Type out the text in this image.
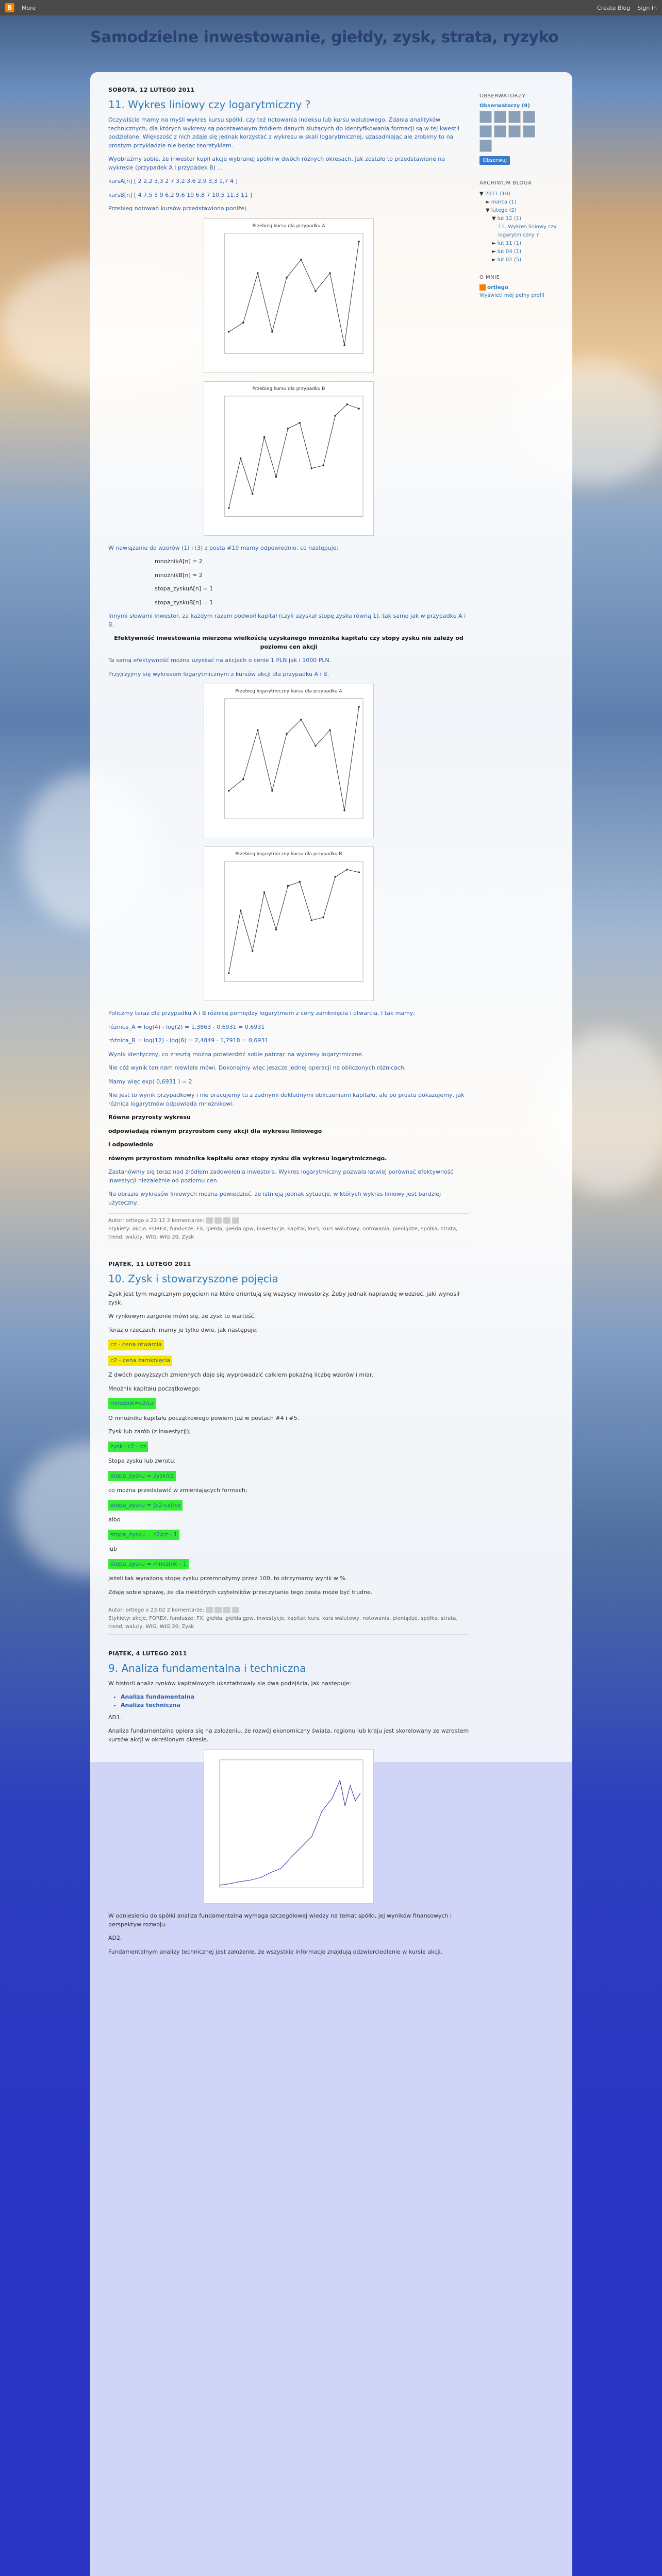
B	More	Create Blog Sign In
Samodzielne inwestowanie, giełdy, zysk, strata, ryzyko
SOBOTA, 12 LUTEGO 2011
11. Wykres liniowy czy logarytmiczny ?

Oczywiście mamy na myśli wykres kursu spółki, czy też notowania indeksu lub kursu walutowego. Zdania analityków technicznych, dla których wykresy są podstawowym źródłem danych służących do identyfikowania formacji są w tej kwestii podzielone. Większość z nich zdaje się jednak korzystać z wykresu w skali logarytmicznej, uzasadniając ale zrobimy to na prostym przykładzie nie będąc teoretykiem.

Wyobraźmy sobie, że inwestor kupił akcje wybranej spółki w dwóch różnych okresach. Jak zostało to przedstawione na wykresie (przypadek A i przypadek B) ...

kursA[n] [ 2 2,2 3,3 2 7 3,2 3,6 2,9 3,3 1,7 4 ]

kursB[n] [ 4 7,5 5 9 6,2 9,6 10 6,8 7 10,5 11,3 11 ]

Przebieg notowań kursów przedstawiono poniżej.

Przebieg kursu dla przypadku A
Przebieg kursu dla przypadku B

W nawiązaniu do wzorów (1) i (3) z posta #10 mamy odpowiednio, co następuje;

mnożnikA[n] = 2

mnożnikB[n] = 2

stopa_zyskuA[n] = 1

stopa_zyskuB[n] = 1

Innymi słowami inwestor, za każdym razem podwoił kapitał (czyli uzyskał stopę zysku równą 1), tak samo jak w przypadku A i B.

Efektywność inwestowania mierzona wielkością uzyskanego mnożnika kapitału czy stopy zysku nie zależy od poziomu cen akcji

Ta samą efektywność można uzyskać na akcjach o cenie 1 PLN jak i 1000 PLN.

Przyjrzyjmy się wykresom logarytmicznym z kursów akcji dla przypadku A i B.

Przebieg logarytmiczny kursu dla przypadku A
Przebieg logarytmiczny kursu dla przypadku B

Policzmy teraz dla przypadku A i B różnicę pomiędzy logarytmem z ceny zamknięcia i otwarcia. I tak mamy;

różnica_A = log(4) - log(2) = 1,3863 - 0,6931 = 0,6931

różnica_B = log(12) - log(6) = 2,4849 - 1,7918 = 0,6931

Wynik identyczny, co zresztą można potwierdzić sobie patrząc na wykresy logarytmiczne.

Nie cóż wynik ten nam niewiele mówi. Dokonajmy więc jeszcze jednej operacji na obliczonych różnicach.

Mamy więc exp( 0,6931 ) = 2

Nie jest to wynik przypadkowy i nie pracujemy tu z żadnymi dokładnymi obliczeniami kapitału, ale po prostu pokazujemy, jak różnica logarytmów odpowiada mnożnikowi.

Równe przyrosty wykresu

odpowiadają równym przyrostom ceny akcji dla wykresu liniowego

i odpowiednio

równym przyrostom mnożnika kapitału oraz stopy zysku dla wykresu logarytmicznego.

Zastanówmy się teraz nad źródłem zadowolenia inwestora. Wykres logarytmiczny pozwala łatwiej porównać efektywność inwestycji niezależnie od poziomu cen.

Na obrazie wykresów liniowych można powiedzieć, że istnieją jednak sytuacje, w których wykres liniowy jest bardziej użyteczny.

Autor: ortlego o 22:12 2 komentarze:
Etykiety: akcje, FOREX, fundusze, FX, giełda, giełda gpw, inwestycje, kapitał, kurs, kurs walutowy, notowania, pieniądze, spółka, strata, trend, waluty, WIG, WIG 20, Zysk
PIĄTEK, 11 LUTEGO 2011
10. Zysk i stowarzyszone pojęcia

Zysk jest tym magicznym pojęciem na które orientują się wszyscy inwestorzy. Żeby jednak naprawdę wiedzieć, jaki wynosił zysk.

W rynkowym żargonie mówi się, że zysk to wartość.

Teraz o rzeczach, mamy je tylko dwie, jak następuje;

cz - cena otwarcia

c2 - cena zamknięcia

Z dwóch powyższych zmiennych daje się wyprowadzić całkiem pokaźną liczbę wzorów i miar.

Mnożnik kapitału początkowego:

mnożnik=c2/cz

O mnożniku kapitału początkowego powiem już w postach #4 i #5.

Zysk lub zarób (z inwestycji);

zysk=c2 - cz

Stopa zysku lub zwrotu;

stopa_zysku = zysk/cz

co można przedstawić w zmieniających formach;

stopa_zysku = (c2-cz)/cz

albo

stopa_zysku = c2/cz - 1

lub

stopa_zysku = mnożnik - 1

Jeżeli tak wyrażoną stopę zysku przemnożymy przez 100, to otrzymamy wynik w %.

Zdaję sobie sprawę, że dla niektórych czytelników przeczytanie tego posta może być trudne.

Autor: ortlego o 23:02 2 komentarze:
Etykiety: akcje, FOREX, fundusze, FX, giełda, giełda gpw, inwestycje, kapitał, kurs, kurs walutowy, notowania, pieniądze, spółka, strata, trend, waluty, WIG, WIG 20, Zysk
PIĄTEK, 4 LUTEGO 2011
9. Analiza fundamentalna i techniczna

W historii analiz rynków kapitałowych ukształtowały się dwa podejścia, jak następuje:

• Analiza fundamentalna
• Analiza techniczna

AD1.

Analiza fundamentalna opiera się na założeniu, że rozwój ekonomiczny świata, regionu lub kraju jest skorelowany ze wzrostem kursów akcji w określonym okresie.

W odniesieniu do spółki analiza fundamentalna wymaga szczegółowej wiedzy na temat spółki, jej wyników finansowych i perspektyw rozwoju.

AD2.

Fundamentalnym analizy technicznej jest założenie, że wszystkie informacje znajdują odzwierciedlenie w kursie akcji.

OBSERWATORZY
Obserwatorzy (9)
Obserwuj
ARCHIWUM BLOGA
▼ 2011 (10)
► marca (1)
▼ lutego (2)
▼ lut 12 (1)
11. Wykres liniowy czy logarytmiczny ?
► lut 11 (1)
► lut 04 (1)
► lut 02 (5)
O MNIE
ortlego
Wyświetl mój pełny profil
